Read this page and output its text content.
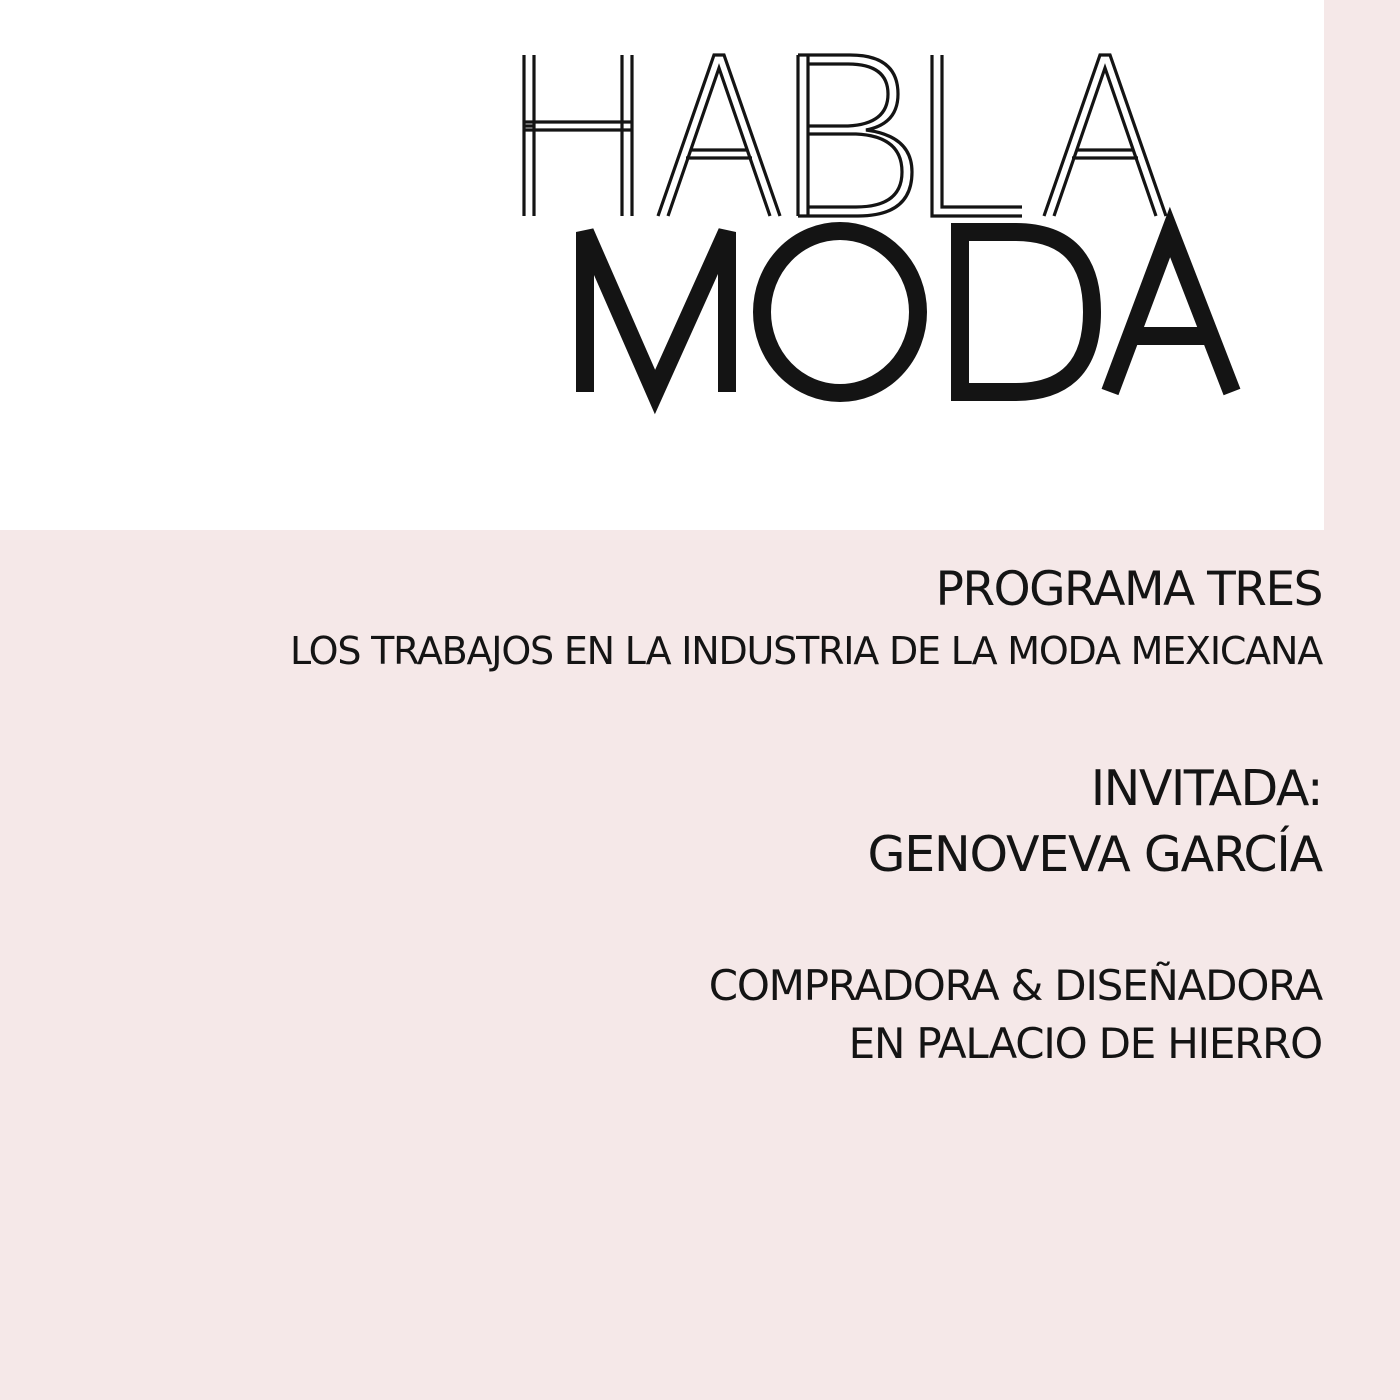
PROGRAMA TRES
LOS TRABAJOS EN LA INDUSTRIA DE LA MODA MEXICANA
INVITADA:
GENOVEVA GARCÍA
COMPRADORA & DISEÑADORA
EN PALACIO DE HIERRO
